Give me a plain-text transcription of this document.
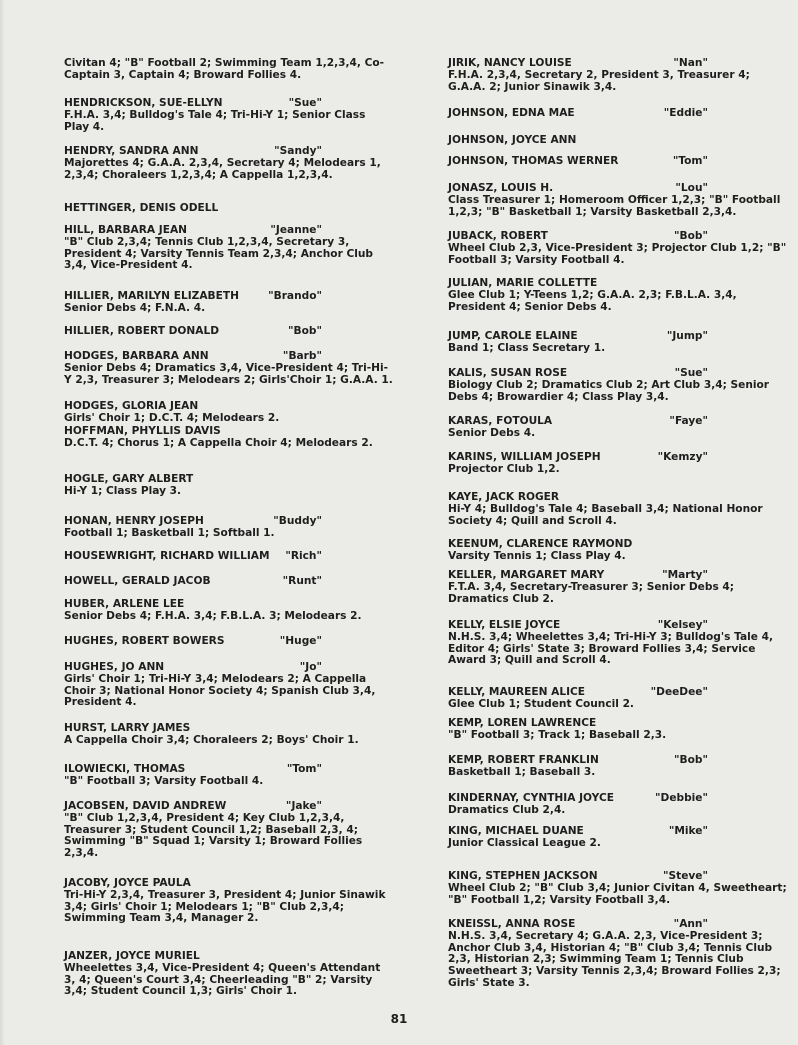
Civitan 4; "B" Football 2; Swimming Team 1,2,3,4, Co-Captain 3, Captain 4; Broward Follies 4.
HENDRICKSON, SUE-ELLYN	"Sue"
F.H.A. 3,4; Bulldog's Tale 4; Tri-Hi-Y 1; Senior Class Play 4.
HENDRY, SANDRA ANN	"Sandy"
Majorettes 4; G.A.A. 2,3,4, Secretary 4; Melodears 1, 2,3,4; Choraleers 1,2,3,4; A Cappella 1,2,3,4.
HETTINGER, DENIS ODELL
HILL, BARBARA JEAN	"Jeanne"
"B" Club 2,3,4; Tennis Club 1,2,3,4, Secretary 3, President 4; Varsity Tennis Team 2,3,4; Anchor Club 3,4, Vice-President 4.
HILLIER, MARILYN ELIZABETH	"Brando"
Senior Debs 4; F.N.A. 4.
HILLIER, ROBERT DONALD	"Bob"
HODGES, BARBARA ANN	"Barb"
Senior Debs 4; Dramatics 3,4, Vice-President 4; Tri-Hi-Y 2,3, Treasurer 3; Melodears 2; Girls'Choir 1; G.A.A. 1.
HODGES, GLORIA JEAN
Girls' Choir 1; D.C.T. 4; Melodears 2.
HOFFMAN, PHYLLIS DAVIS
D.C.T. 4; Chorus 1; A Cappella Choir 4; Melodears 2.
HOGLE, GARY ALBERT
Hi-Y 1; Class Play 3.
HONAN, HENRY JOSEPH	"Buddy"
Football 1; Basketball 1; Softball 1.
HOUSEWRIGHT, RICHARD WILLIAM "Rich"
HOWELL, GERALD JACOB	"Runt"
HUBER, ARLENE LEE
Senior Debs 4; F.H.A. 3,4; F.B.L.A. 3; Melodears 2.
HUGHES, ROBERT BOWERS	"Huge"
HUGHES, JO ANN	"Jo"
Girls' Choir 1; Tri-Hi-Y 3,4; Melodears 2; A Cappella Choir 3; National Honor Society 4; Spanish Club 3,4, President 4.
HURST, LARRY JAMES
A Cappella Choir 3,4; Choraleers 2; Boys' Choir 1.
ILOWIECKI, THOMAS	"Tom"
"B" Football 3; Varsity Football 4.
JACOBSEN, DAVID ANDREW	"Jake"
"B" Club 1,2,3,4, President 4; Key Club 1,2,3,4, Treasurer 3; Student Council 1,2; Baseball 2,3, 4; Swimming "B" Squad 1; Varsity 1; Broward Follies 2,3,4.
JACOBY, JOYCE PAULA
Tri-Hi-Y 2,3,4, Treasurer 3, President 4; Junior Sinawik 3,4; Girls' Choir 1; Melodears 1; "B" Club 2,3,4; Swimming Team 3,4, Manager 2.
JANZER, JOYCE MURIEL
Wheelettes 3,4, Vice-President 4; Queen's Attendant 3, 4; Queen's Court 3,4; Cheerleading "B" 2; Varsity 3,4; Student Council 1,3; Girls' Choir 1.
JIRIK, NANCY LOUISE	"Nan"
F.H.A. 2,3,4, Secretary 2, President 3, Treasurer 4; G.A.A. 2; Junior Sinawik 3,4.
JOHNSON, EDNA MAE	"Eddie"
JOHNSON, JOYCE ANN
JOHNSON, THOMAS WERNER	"Tom"
JONASZ, LOUIS H.	"Lou"
Class Treasurer 1; Homeroom Officer 1,2,3; "B" Football 1,2,3; "B" Basketball 1; Varsity Basketball 2,3,4.
JUBACK, ROBERT	"Bob"
Wheel Club 2,3, Vice-President 3; Projector Club 1,2; "B" Football 3; Varsity Football 4.
JULIAN, MARIE COLLETTE
Glee Club 1; Y-Teens 1,2; G.A.A. 2,3; F.B.L.A. 3,4, President 4; Senior Debs 4.
JUMP, CAROLE ELAINE	"Jump"
Band 1; Class Secretary 1.
KALIS, SUSAN ROSE	"Sue"
Biology Club 2; Dramatics Club 2; Art Club 3,4; Senior Debs 4; Browardier 4; Class Play 3,4.
KARAS, FOTOULA	"Faye"
Senior Debs 4.
KARINS, WILLIAM JOSEPH	"Kemzy"
Projector Club 1,2.
KAYE, JACK ROGER
Hi-Y 4; Bulldog's Tale 4; Baseball 3,4; National Honor Society 4; Quill and Scroll 4.
KEENUM, CLARENCE RAYMOND
Varsity Tennis 1; Class Play 4.
KELLER, MARGARET MARY	"Marty"
F.T.A. 3,4, Secretary-Treasurer 3; Senior Debs 4; Dramatics Club 2.
KELLY, ELSIE JOYCE	"Kelsey"
N.H.S. 3,4; Wheelettes 3,4; Tri-Hi-Y 3; Bulldog's Tale 4, Editor 4; Girls' State 3; Broward Follies 3,4; Service Award 3; Quill and Scroll 4.
KELLY, MAUREEN ALICE	"DeeDee"
Glee Club 1; Student Council 2.
KEMP, LOREN LAWRENCE
"B" Football 3; Track 1; Baseball 2,3.
KEMP, ROBERT FRANKLIN	"Bob"
Basketball 1; Baseball 3.
KINDERNAY, CYNTHIA JOYCE	"Debbie"
Dramatics Club 2,4.
KING, MICHAEL DUANE	"Mike"
Junior Classical League 2.
KING, STEPHEN JACKSON	"Steve"
Wheel Club 2; "B" Club 3,4; Junior Civitan 4, Sweetheart; "B" Football 1,2; Varsity Football 3,4.
KNEISSL, ANNA ROSE	"Ann"
N.H.S. 3,4, Secretary 4; G.A.A. 2,3, Vice-President 3; Anchor Club 3,4, Historian 4; "B" Club 3,4; Tennis Club 2,3, Historian 2,3; Swimming Team 1; Tennis Club Sweetheart 3; Varsity Tennis 2,3,4; Broward Follies 2,3; Girls' State 3.
81
